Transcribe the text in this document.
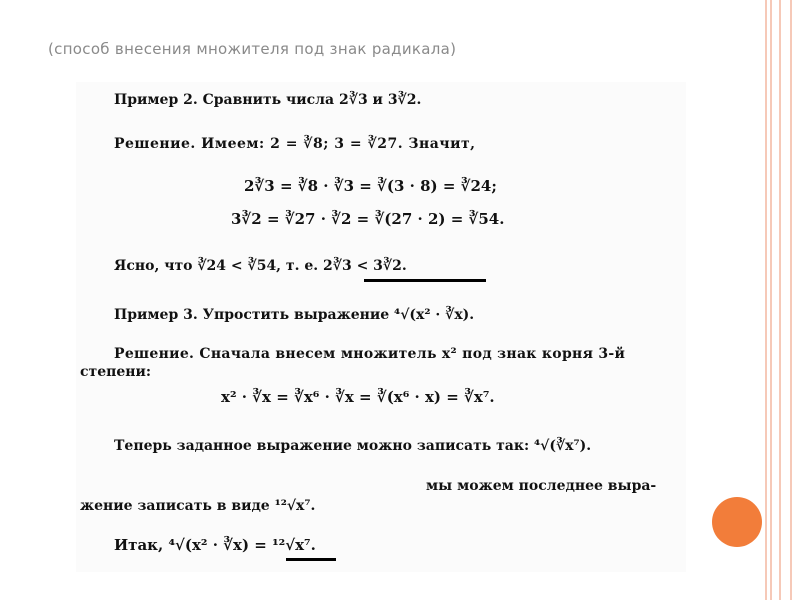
(способ внесения множителя под знак радикала)
Пример 2. Сравнить числа 2∛3 и 3∛2.
Решение. Имеем: 2 = ∛8; 3 = ∛27. Значит,
2∛3 = ∛8 · ∛3 = ∛(3 · 8) = ∛24;
3∛2 = ∛27 · ∛2 = ∛(27 · 2) = ∛54.
Ясно, что ∛24 < ∛54, т. е. 2∛3 < 3∛2.
Пример 3. Упростить выражение ⁴√(x² · ∛x).
Решение. Сначала внесем множитель x² под знак корня 3-й
степени:
x² · ∛x = ∛x⁶ · ∛x = ∛(x⁶ · x) = ∛x⁷.
Теперь заданное выражение можно записать так: ⁴√(∛x⁷).
мы можем последнее выра-
жение записать в виде ¹²√x⁷.
Итак, ⁴√(x² · ∛x) = ¹²√x⁷.
